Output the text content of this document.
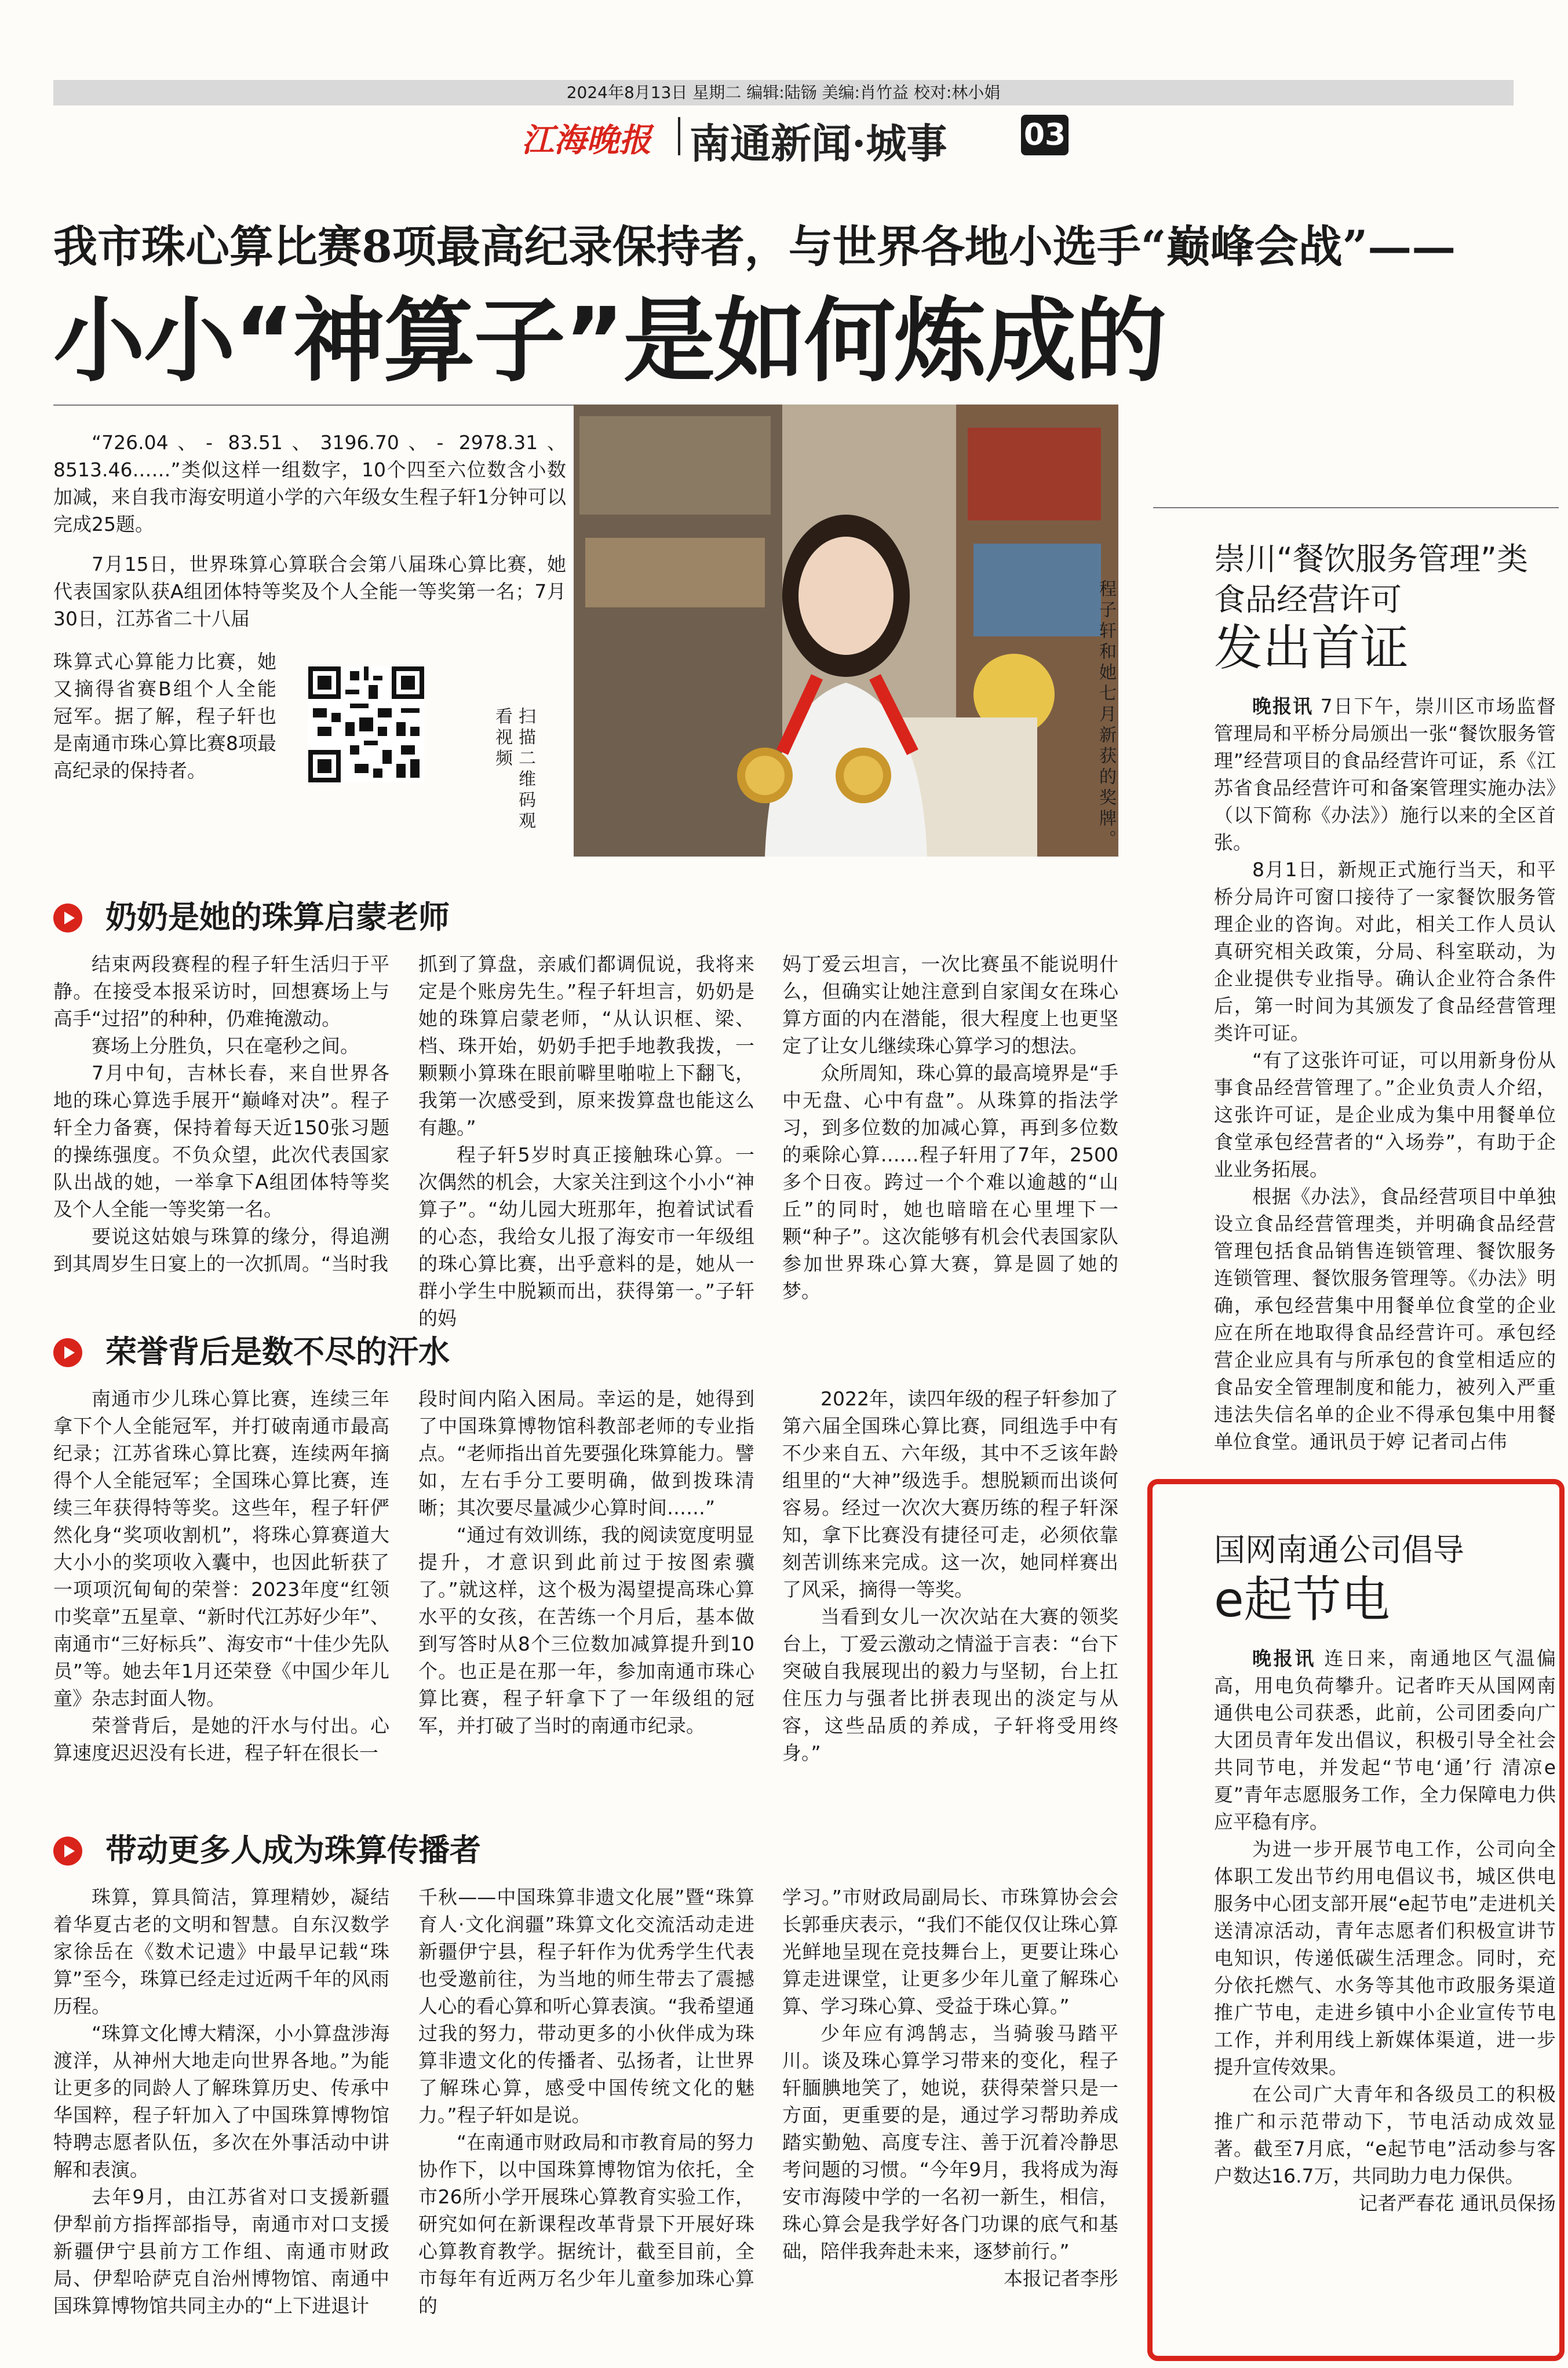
2024年8月13日 星期二 编辑:陆铴 美编:肖竹益 校对:林小娟
江海晚报 南通新闻·城事	03
我市珠心算比赛8项最高纪录保持者，与世界各地小选手“巅峰会战”——
小小“神算子”是如何炼成的

“726.04、- 83.51、3196.70、- 2978.31、8513.46……”类似这样一组数字，10个四至六位数含小数加减，来自我市海安明道小学的六年级女生程子轩1分钟可以完成25题。

7月15日，世界珠算心算联合会第八届珠心算比赛，她代表国家队获A组团体特等奖及个人全能一等奖第一名；7月30日，江苏省二十八届

珠算式心算能力比赛，她又摘得省赛B组个人全能冠军。据了解，程子轩也是南通市珠心算比赛8项最高纪录的保持者。	扫描二维码观看视频	程子轩和她七月新获的奖牌。
奶奶是她的珠算启蒙老师

结束两段赛程的程子轩生活归于平静。在接受本报采访时，回想赛场上与高手“过招”的种种，仍难掩激动。

赛场上分胜负，只在毫秒之间。

7月中旬，吉林长春，来自世界各地的珠心算选手展开“巅峰对决”。程子轩全力备赛，保持着每天近150张习题的操练强度。不负众望，此次代表国家队出战的她，一举拿下A组团体特等奖及个人全能一等奖第一名。

要说这姑娘与珠算的缘分，得追溯到其周岁生日宴上的一次抓周。“当时我

抓到了算盘，亲戚们都调侃说，我将来定是个账房先生。”程子轩坦言，奶奶是她的珠算启蒙老师，“从认识框、梁、档、珠开始，奶奶手把手地教我拨，一颗颗小算珠在眼前噼里啪啦上下翻飞，我第一次感受到，原来拨算盘也能这么有趣。”

程子轩5岁时真正接触珠心算。一次偶然的机会，大家关注到这个小小“神算子”。“幼儿园大班那年，抱着试试看的心态，我给女儿报了海安市一年级组的珠心算比赛，出乎意料的是，她从一群小学生中脱颖而出，获得第一。”子轩的妈

妈丁爱云坦言，一次比赛虽不能说明什么，但确实让她注意到自家闺女在珠心算方面的内在潜能，很大程度上也更坚定了让女儿继续珠心算学习的想法。

众所周知，珠心算的最高境界是“手中无盘、心中有盘”。从珠算的指法学习，到多位数的加减心算，再到多位数的乘除心算……程子轩用了7年，2500多个日夜。跨过一个个难以逾越的“山丘”的同时，她也暗暗在心里埋下一颗“种子”。这次能够有机会代表国家队参加世界珠心算大赛，算是圆了她的梦。

荣誉背后是数不尽的汗水

南通市少儿珠心算比赛，连续三年拿下个人全能冠军，并打破南通市最高纪录；江苏省珠心算比赛，连续两年摘得个人全能冠军；全国珠心算比赛，连续三年获得特等奖。这些年，程子轩俨然化身“奖项收割机”，将珠心算赛道大大小小的奖项收入囊中，也因此斩获了一项项沉甸甸的荣誉：2023年度“红领巾奖章”五星章、“新时代江苏好少年”、南通市“三好标兵”、海安市“十佳少先队员”等。她去年1月还荣登《中国少年儿童》杂志封面人物。

荣誉背后，是她的汗水与付出。心算速度迟迟没有长进，程子轩在很长一

段时间内陷入困局。幸运的是，她得到了中国珠算博物馆科教部老师的专业指点。“老师指出首先要强化珠算能力。譬如，左右手分工要明确，做到拨珠清晰；其次要尽量减少心算时间……”

“通过有效训练，我的阅读宽度明显提升，才意识到此前过于按图索骥了。”就这样，这个极为渴望提高珠心算水平的女孩，在苦练一个月后，基本做到写答时从8个三位数加减算提升到10个。也正是在那一年，参加南通市珠心算比赛，程子轩拿下了一年级组的冠军，并打破了当时的南通市纪录。

2022年，读四年级的程子轩参加了第六届全国珠心算比赛，同组选手中有不少来自五、六年级，其中不乏该年龄组里的“大神”级选手。想脱颖而出谈何容易。经过一次次大赛历练的程子轩深知，拿下比赛没有捷径可走，必须依靠刻苦训练来完成。这一次，她同样赛出了风采，摘得一等奖。

当看到女儿一次次站在大赛的领奖台上，丁爱云激动之情溢于言表：“台下突破自我展现出的毅力与坚韧，台上扛住压力与强者比拼表现出的淡定与从容，这些品质的养成，子轩将受用终身。”

带动更多人成为珠算传播者

珠算，算具简洁，算理精妙，凝结着华夏古老的文明和智慧。自东汉数学家徐岳在《数术记遗》中最早记载“珠算”至今，珠算已经走过近两千年的风雨历程。

“珠算文化博大精深，小小算盘涉海渡洋，从神州大地走向世界各地。”为能让更多的同龄人了解珠算历史、传承中华国粹，程子轩加入了中国珠算博物馆特聘志愿者队伍，多次在外事活动中讲解和表演。

去年9月，由江苏省对口支援新疆伊犁前方指挥部指导，南通市对口支援新疆伊宁县前方工作组、南通市财政局、伊犁哈萨克自治州博物馆、南通中国珠算博物馆共同主办的“上下进退计

千秋——中国珠算非遗文化展”暨“珠算育人·文化润疆”珠算文化交流活动走进新疆伊宁县，程子轩作为优秀学生代表也受邀前往，为当地的师生带去了震撼人心的看心算和听心算表演。“我希望通过我的努力，带动更多的小伙伴成为珠算非遗文化的传播者、弘扬者，让世界了解珠心算，感受中国传统文化的魅力。”程子轩如是说。

“在南通市财政局和市教育局的努力协作下，以中国珠算博物馆为依托，全市26所小学开展珠心算教育实验工作，研究如何在新课程改革背景下开展好珠心算教育教学。据统计，截至目前，全市每年有近两万名少年儿童参加珠心算的

学习。”市财政局副局长、市珠算协会会长郭垂庆表示，“我们不能仅仅让珠心算光鲜地呈现在竞技舞台上，更要让珠心算走进课堂，让更多少年儿童了解珠心算、学习珠心算、受益于珠心算。”

少年应有鸿鹄志，当骑骏马踏平川。谈及珠心算学习带来的变化，程子轩腼腆地笑了，她说，获得荣誉只是一方面，更重要的是，通过学习帮助养成踏实勤勉、高度专注、善于沉着冷静思考问题的习惯。“今年9月，我将成为海安市海陵中学的一名初一新生，相信，珠心算会是我学好各门功课的底气和基础，陪伴我奔赴未来，逐梦前行。”

本报记者李彤

崇川“餐饮服务管理”类食品经营许可
发出首证

晚报讯 7日下午，崇川区市场监督管理局和平桥分局颁出一张“餐饮服务管理”经营项目的食品经营许可证，系《江苏省食品经营许可和备案管理实施办法》（以下简称《办法》）施行以来的全区首张。

8月1日，新规正式施行当天，和平桥分局许可窗口接待了一家餐饮服务管理企业的咨询。对此，相关工作人员认真研究相关政策，分局、科室联动，为企业提供专业指导。确认企业符合条件后，第一时间为其颁发了食品经营管理类许可证。

“有了这张许可证，可以用新身份从事食品经营管理了。”企业负责人介绍，这张许可证，是企业成为集中用餐单位食堂承包经营者的“入场券”，有助于企业业务拓展。

根据《办法》，食品经营项目中单独设立食品经营管理类，并明确食品经营管理包括食品销售连锁管理、餐饮服务连锁管理、餐饮服务管理等。《办法》明确，承包经营集中用餐单位食堂的企业应在所在地取得食品经营许可。承包经营企业应具有与所承包的食堂相适应的食品安全管理制度和能力，被列入严重违法失信名单的企业不得承包集中用餐单位食堂。通讯员于婷 记者司占伟

国网南通公司倡导
e起节电

晚报讯 连日来，南通地区气温偏高，用电负荷攀升。记者昨天从国网南通供电公司获悉，此前，公司团委向广大团员青年发出倡议，积极引导全社会共同节电，并发起“节电‘通’行 清凉e夏”青年志愿服务工作，全力保障电力供应平稳有序。

为进一步开展节电工作，公司向全体职工发出节约用电倡议书，城区供电服务中心团支部开展“e起节电”走进机关送清凉活动，青年志愿者们积极宣讲节电知识，传递低碳生活理念。同时，充分依托燃气、水务等其他市政服务渠道推广节电，走进乡镇中小企业宣传节电工作，并利用线上新媒体渠道，进一步提升宣传效果。

在公司广大青年和各级员工的积极推广和示范带动下，节电活动成效显著。截至7月底，“e起节电”活动参与客户数达16.7万，共同助力电力保供。

记者严春花 通讯员保扬
